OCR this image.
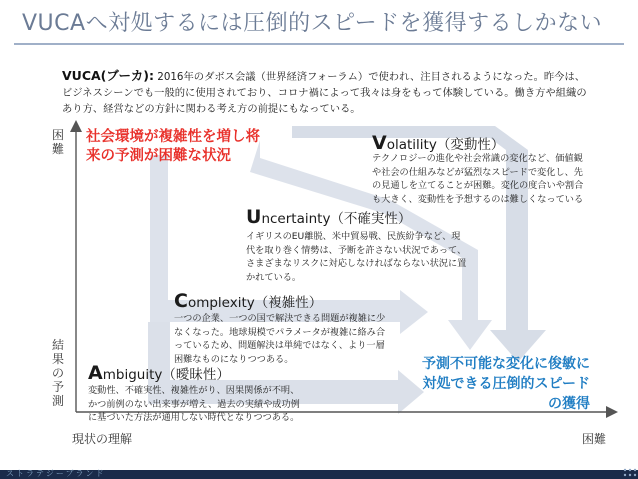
VUCAへ対処するには圧倒的スピードを獲得するしかない
VUCA(ブーカ): 2016年のダボス会議（世界経済フォーラム）で使われ、注目されるようになった。昨今は、ビジネスシーンでも一般的に使用されており、コロナ禍によって我々は身をもって体験している。働き方や組織のあり方、経営などの方針に関わる考え方の前提にもなっている。
困難
結果の予測
現状の理解	困難
社会環境が複雑性を増し将来の予測が困難な状況
予測不可能な変化に俊敏に対処できる圧倒的スピードの獲得
Volatility（変動性）
テクノロジーの進化や社会常識の変化など、価値観や社会の仕組みなどが猛烈なスピードで変化し、先の見通しを立てることが困難。変化の度合いや割合も大きく、変動性を予想するのは難しくなっている
Uncertainty（不確実性）
イギリスのEU離脱、米中貿易戦、民族紛争など、現代を取り巻く情勢は、予断を許さない状況であって、さまざまなリスクに対応しなければならない状況に置かれている。
Complexity（複雑性）
一つの企業、一つの国で解決できる問題が複雑に少なくなった。地球規模でパラメータが複雑に絡み合っているため、問題解決は単純ではなく、より一層困難なものになりつつある。
Ambiguity（曖昧性）
変動性、不確実性、複雑性がり、因果関係が不明、かつ前例のない出来事が増え、過去の実績や成功例に基づいた方法が通用しない時代となりつつある。
ストラテジーブランド
